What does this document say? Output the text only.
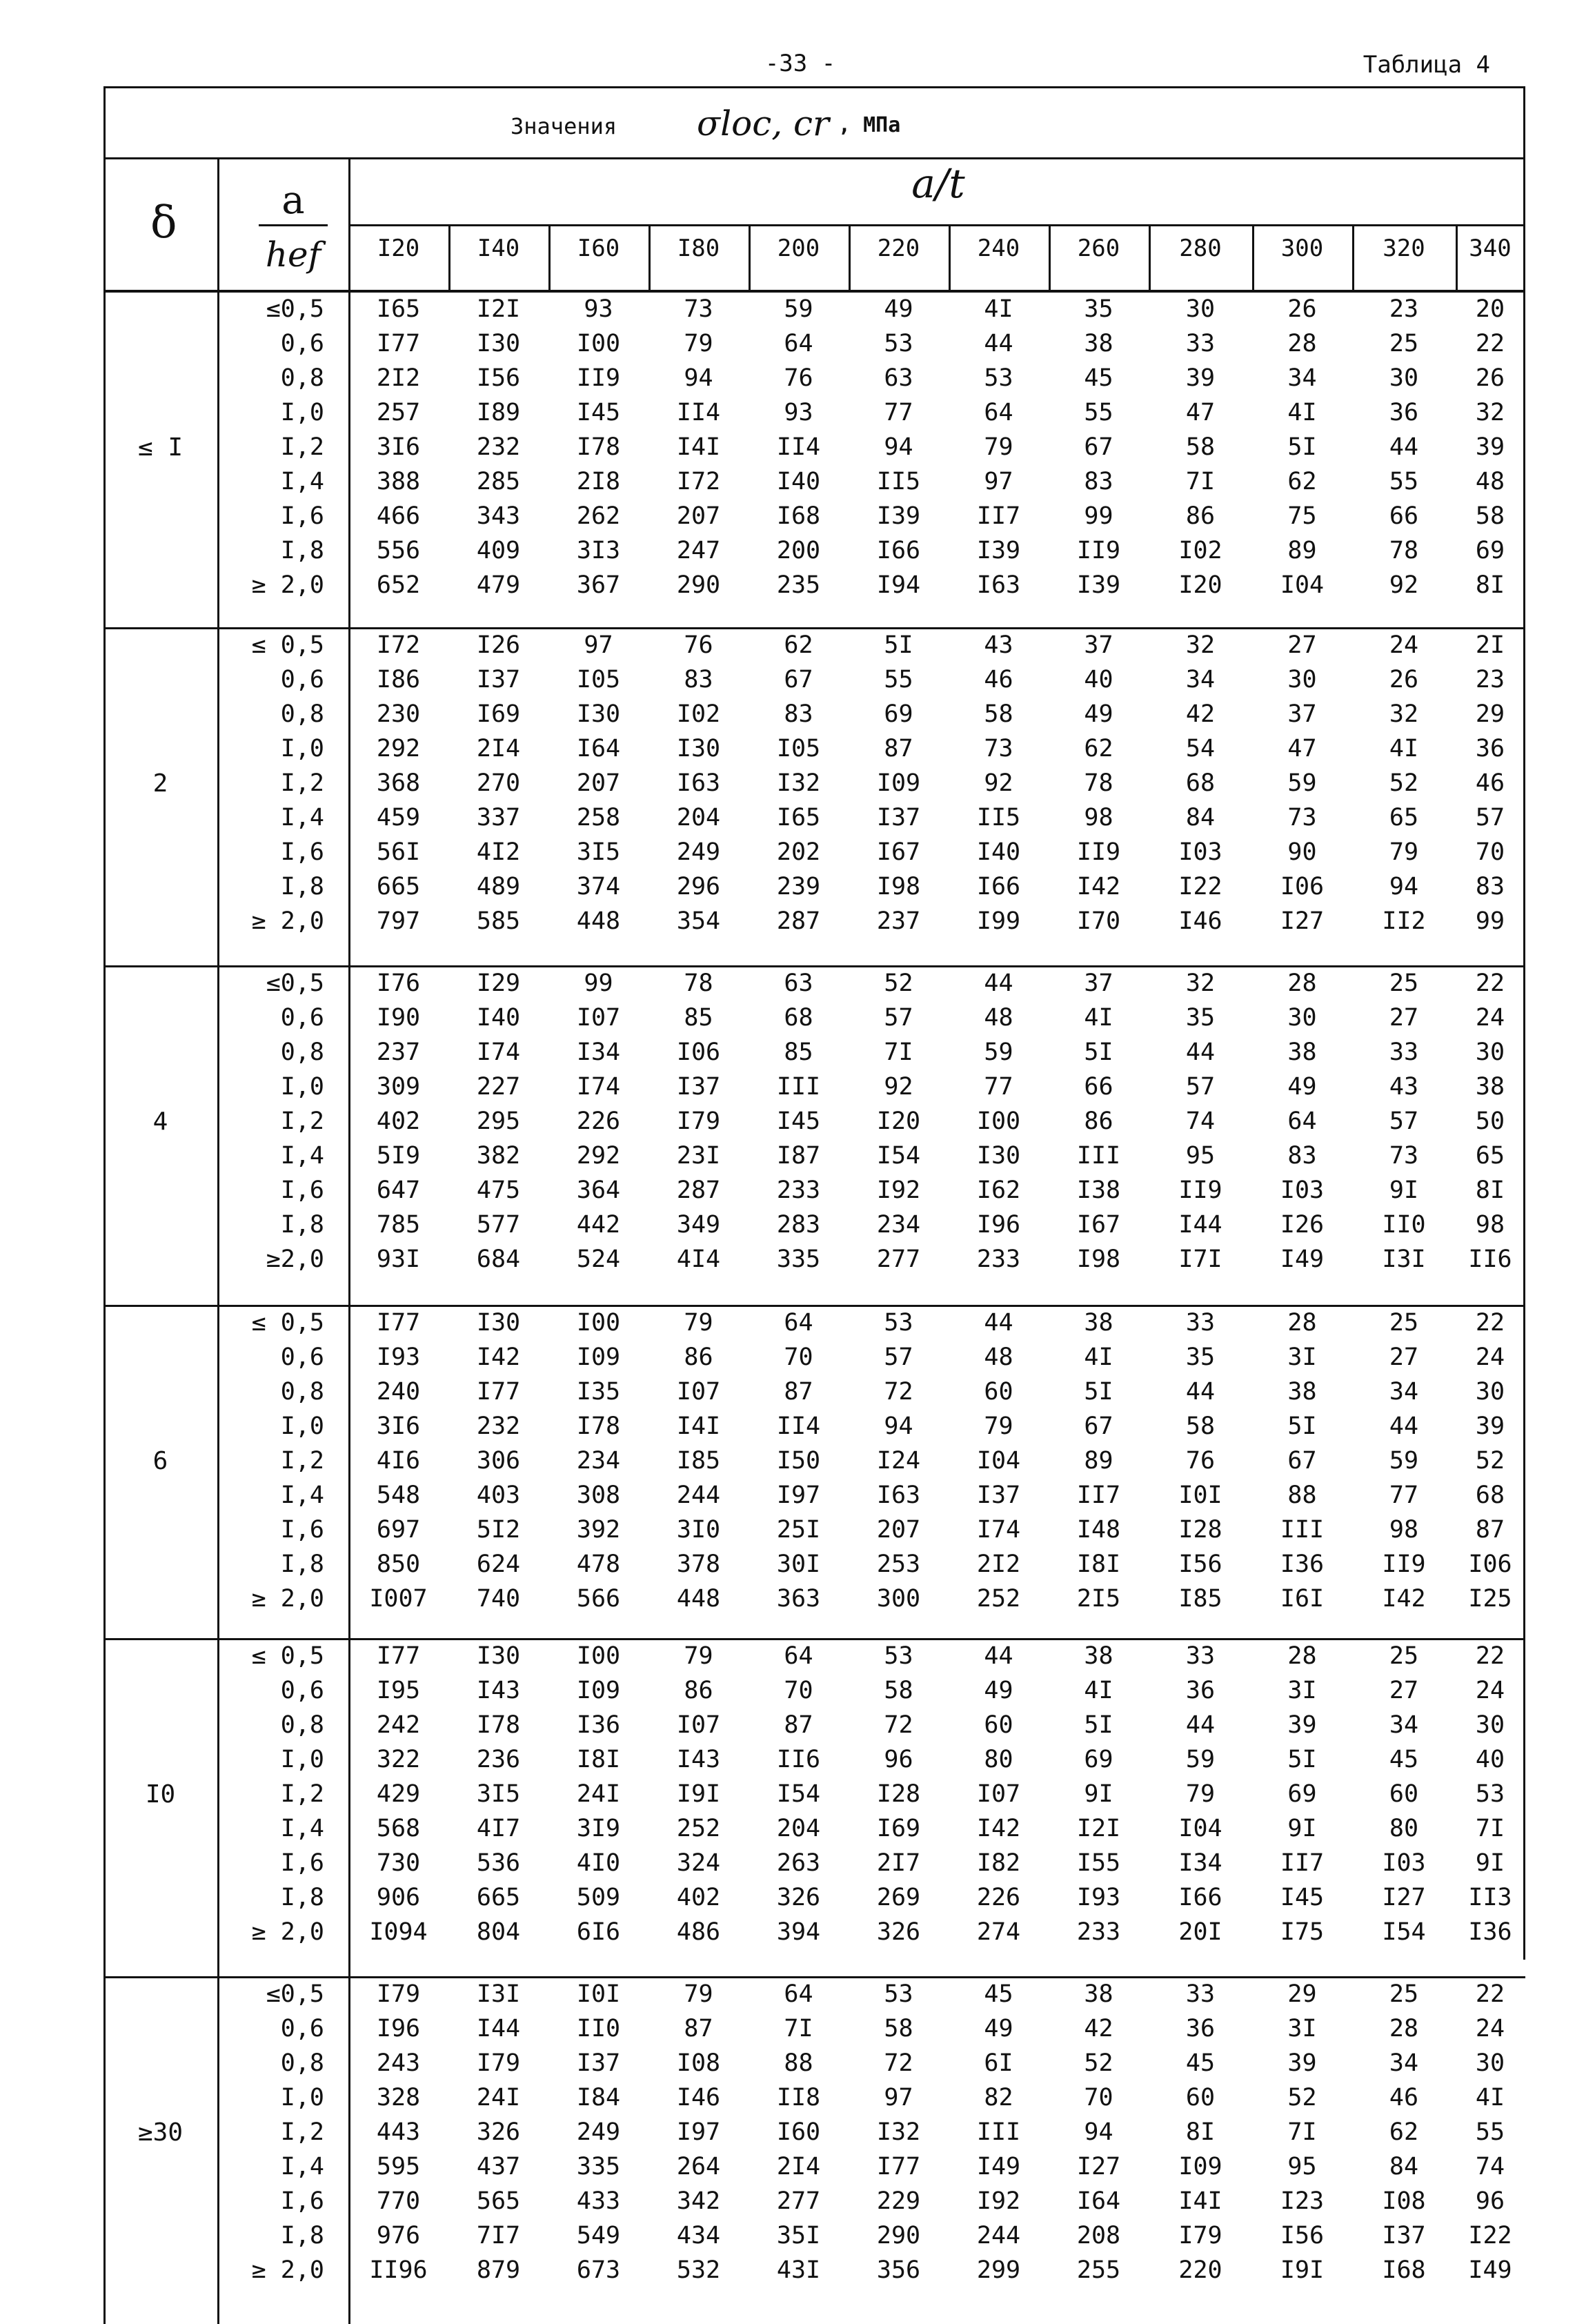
-33 -	Таблица 4
Значения σloc, cr , МПа
δ	a
hef
a/t
I20	I40	I60	I80	200	220	240	260	280	300	320	340
≤ I
≤0,5	I65	I2I	93	73	59	49	4I	35	30	26	23	20
0,6	I77	I30	I00	79	64	53	44	38	33	28	25	22
0,8	2I2	I56	II9	94	76	63	53	45	39	34	30	26
I,0	257	I89	I45	II4	93	77	64	55	47	4I	36	32
I,2	3I6	232	I78	I4I	II4	94	79	67	58	5I	44	39
I,4	388	285	2I8	I72	I40	II5	97	83	7I	62	55	48
I,6	466	343	262	207	I68	I39	II7	99	86	75	66	58
I,8	556	409	3I3	247	200	I66	I39	II9	I02	89	78	69
≥ 2,0	652	479	367	290	235	I94	I63	I39	I20	I04	92	8I
2
≤ 0,5	I72	I26	97	76	62	5I	43	37	32	27	24	2I
0,6	I86	I37	I05	83	67	55	46	40	34	30	26	23
0,8	230	I69	I30	I02	83	69	58	49	42	37	32	29
I,0	292	2I4	I64	I30	I05	87	73	62	54	47	4I	36
I,2	368	270	207	I63	I32	I09	92	78	68	59	52	46
I,4	459	337	258	204	I65	I37	II5	98	84	73	65	57
I,6	56I	4I2	3I5	249	202	I67	I40	II9	I03	90	79	70
I,8	665	489	374	296	239	I98	I66	I42	I22	I06	94	83
≥ 2,0	797	585	448	354	287	237	I99	I70	I46	I27	II2	99
4
≤0,5	I76	I29	99	78	63	52	44	37	32	28	25	22
0,6	I90	I40	I07	85	68	57	48	4I	35	30	27	24
0,8	237	I74	I34	I06	85	7I	59	5I	44	38	33	30
I,0	309	227	I74	I37	III	92	77	66	57	49	43	38
I,2	402	295	226	I79	I45	I20	I00	86	74	64	57	50
I,4	5I9	382	292	23I	I87	I54	I30	III	95	83	73	65
I,6	647	475	364	287	233	I92	I62	I38	II9	I03	9I	8I
I,8	785	577	442	349	283	234	I96	I67	I44	I26	II0	98
≥2,0	93I	684	524	4I4	335	277	233	I98	I7I	I49	I3I	II6
6
≤ 0,5	I77	I30	I00	79	64	53	44	38	33	28	25	22
0,6	I93	I42	I09	86	70	57	48	4I	35	3I	27	24
0,8	240	I77	I35	I07	87	72	60	5I	44	38	34	30
I,0	3I6	232	I78	I4I	II4	94	79	67	58	5I	44	39
I,2	4I6	306	234	I85	I50	I24	I04	89	76	67	59	52
I,4	548	403	308	244	I97	I63	I37	II7	I0I	88	77	68
I,6	697	5I2	392	3I0	25I	207	I74	I48	I28	III	98	87
I,8	850	624	478	378	30I	253	2I2	I8I	I56	I36	II9	I06
≥ 2,0	I007	740	566	448	363	300	252	2I5	I85	I6I	I42	I25
I0
≤ 0,5	I77	I30	I00	79	64	53	44	38	33	28	25	22
0,6	I95	I43	I09	86	70	58	49	4I	36	3I	27	24
0,8	242	I78	I36	I07	87	72	60	5I	44	39	34	30
I,0	322	236	I8I	I43	II6	96	80	69	59	5I	45	40
I,2	429	3I5	24I	I9I	I54	I28	I07	9I	79	69	60	53
I,4	568	4I7	3I9	252	204	I69	I42	I2I	I04	9I	80	7I
I,6	730	536	4I0	324	263	2I7	I82	I55	I34	II7	I03	9I
I,8	906	665	509	402	326	269	226	I93	I66	I45	I27	II3
≥ 2,0	I094	804	6I6	486	394	326	274	233	20I	I75	I54	I36
≥30
≤0,5	I79	I3I	I0I	79	64	53	45	38	33	29	25	22
0,6	I96	I44	II0	87	7I	58	49	42	36	3I	28	24
0,8	243	I79	I37	I08	88	72	6I	52	45	39	34	30
I,0	328	24I	I84	I46	II8	97	82	70	60	52	46	4I
I,2	443	326	249	I97	I60	I32	III	94	8I	7I	62	55
I,4	595	437	335	264	2I4	I77	I49	I27	I09	95	84	74
I,6	770	565	433	342	277	229	I92	I64	I4I	I23	I08	96
I,8	976	7I7	549	434	35I	290	244	208	I79	I56	I37	I22
≥ 2,0	II96	879	673	532	43I	356	299	255	220	I9I	I68	I49
